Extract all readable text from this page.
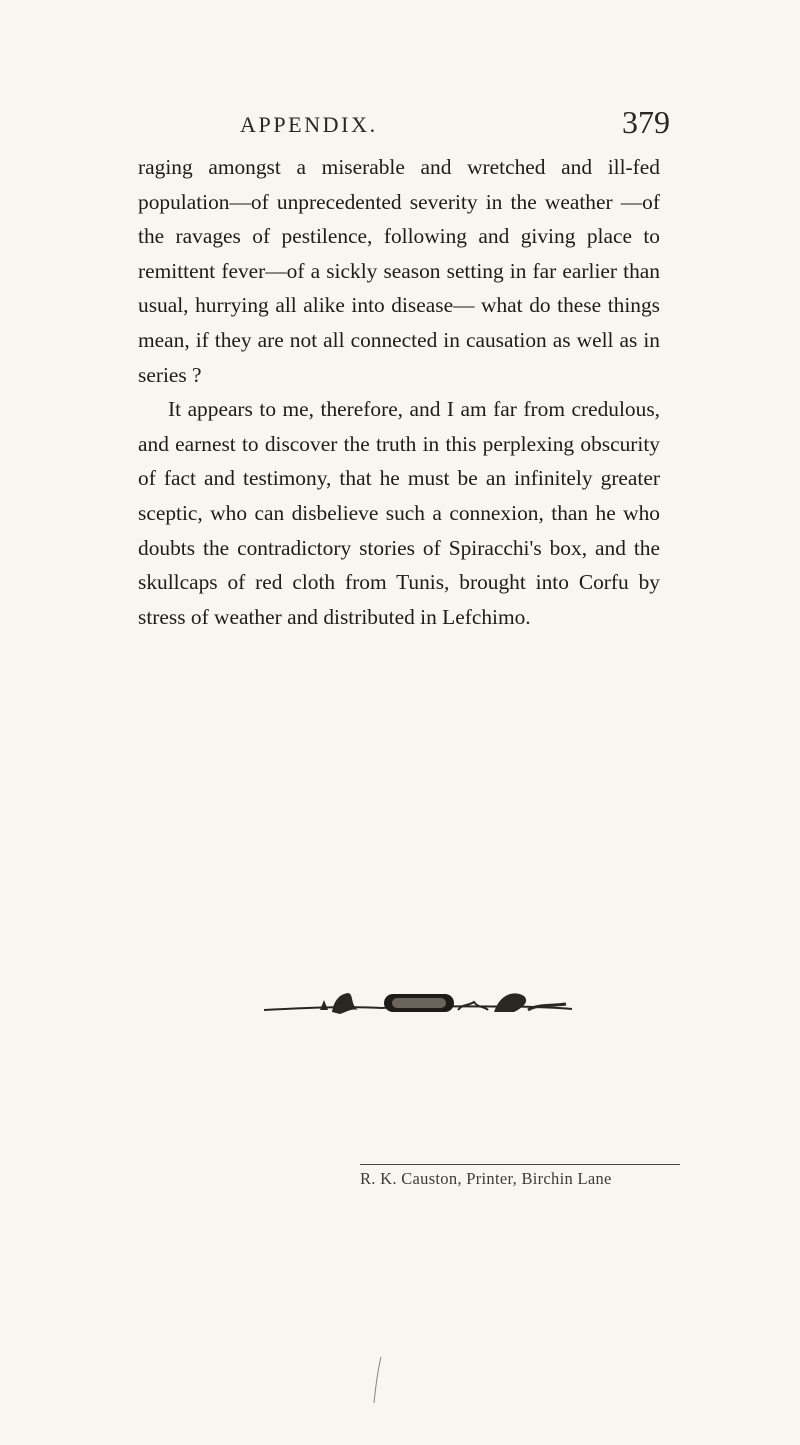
APPENDIX.	379

raging amongst a miserable and wretched and ill-fed population—of unprecedented severity in the weather —of the ravages of pestilence, following and giving place to remittent fever—of a sickly season setting in far earlier than usual, hurrying all alike into disease— what do these things mean, if they are not all connected in causation as well as in series ?

It appears to me, therefore, and I am far from credulous, and earnest to discover the truth in this perplexing obscurity of fact and testimony, that he must be an infinitely greater sceptic, who can disbelieve such a connexion, than he who doubts the contradictory stories of Spiracchi's box, and the skullcaps of red cloth from Tunis, brought into Corfu by stress of weather and distributed in Lefchimo.

R. K. Causton, Printer, Birchin Lane
